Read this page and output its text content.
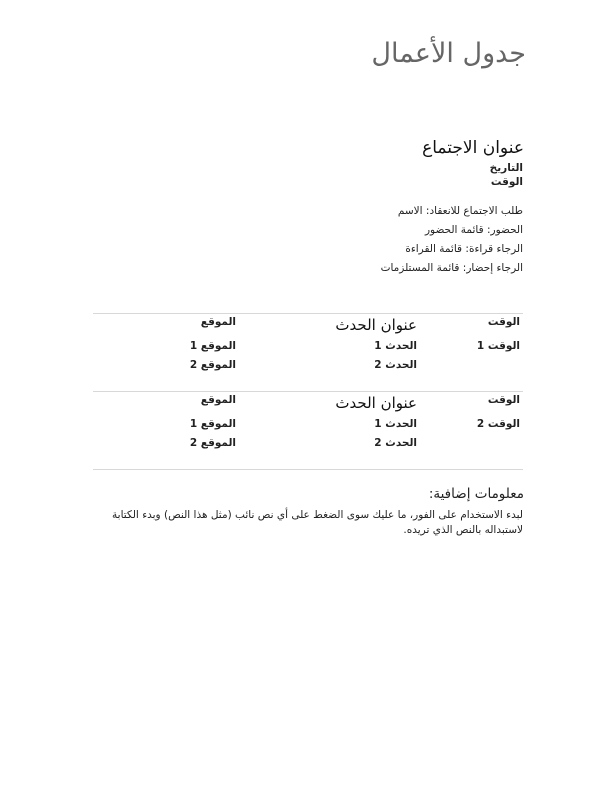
جدول الأعمال
عنوان الاجتماع
التاريخ
الوقت
طلب الاجتماع للانعقاد: الاسم
الحضور: قائمة الحضور
الرجاء قراءة: قائمة القراءة
الرجاء إحضار: قائمة المستلزمات
الوقت
عنوان الحدث
الموقع
الوقت 1
الحدث 1
الحدث 2
الموقع 1
الموقع 2
الوقت
عنوان الحدث
الموقع
الوقت 2
الحدث 1
الحدث 2
الموقع 1
الموقع 2
معلومات إضافية:
لبدء الاستخدام على الفور، ما عليك سوى الضغط على أي نص نائب (مثل هذا النص) وبدء الكتابة لاستبداله بالنص الذي تريده.
